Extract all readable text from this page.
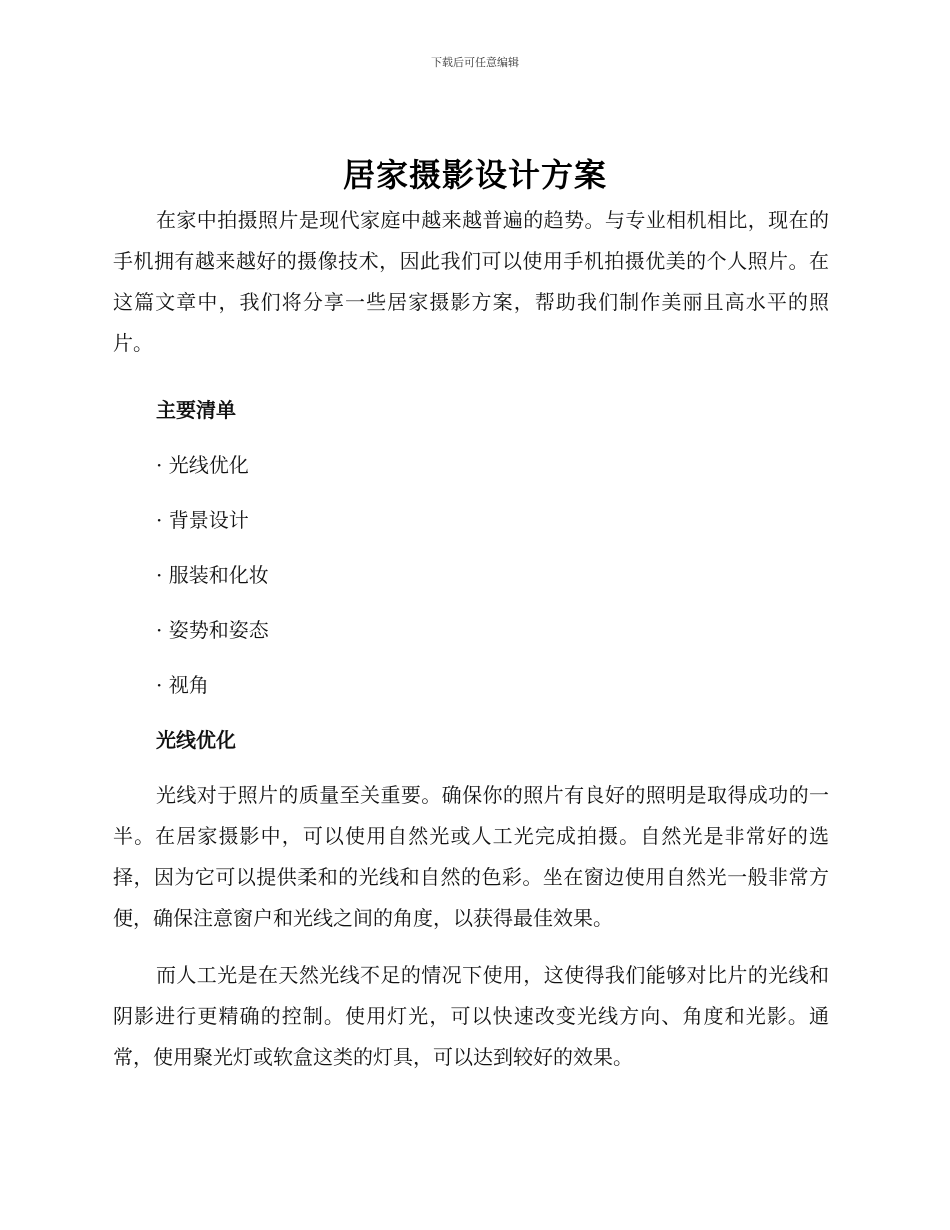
下载后可任意编辑
居家摄影设计方案

在家中拍摄照片是现代家庭中越来越普遍的趋势。与专业相机相比，现在的手机拥有越来越好的摄像技术，因此我们可以使用手机拍摄优美的个人照片。在这篇文章中，我们将分享一些居家摄影方案，帮助我们制作美丽且高水平的照片。

主要清单

· 光线优化

· 背景设计

· 服装和化妆

· 姿势和姿态

· 视角

光线优化

光线对于照片的质量至关重要。确保你的照片有良好的照明是取得成功的一半。在居家摄影中，可以使用自然光或人工光完成拍摄。自然光是非常好的选择，因为它可以提供柔和的光线和自然的色彩。坐在窗边使用自然光一般非常方便，确保注意窗户和光线之间的角度，以获得最佳效果。

而人工光是在天然光线不足的情况下使用，这使得我们能够对比片的光线和阴影进行更精确的控制。使用灯光，可以快速改变光线方向、角度和光影。通常，使用聚光灯或软盒这类的灯具，可以达到较好的效果。
